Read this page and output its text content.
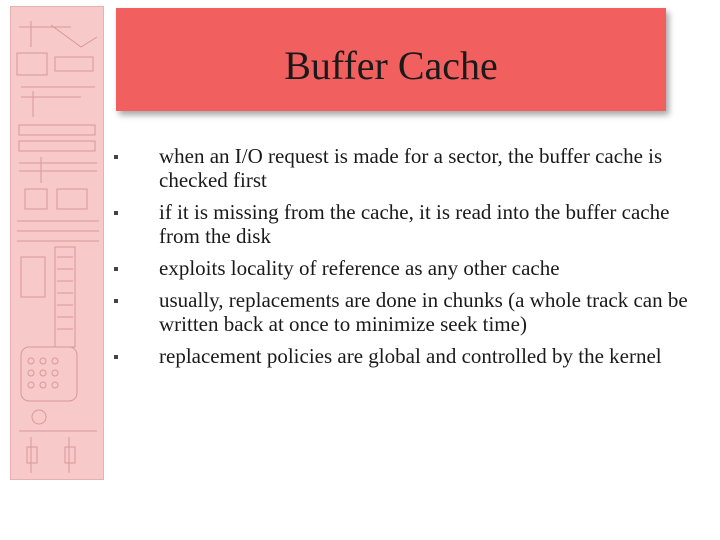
Buffer Cache
when an I/O request is made for a sector, the buffer cache is checked first
if it is missing from the cache, it is read into the buffer cache from the disk
exploits locality of reference as any other cache
usually, replacements are done in chunks (a whole track can be written back at once to minimize seek time)
replacement policies are global and controlled by the kernel
